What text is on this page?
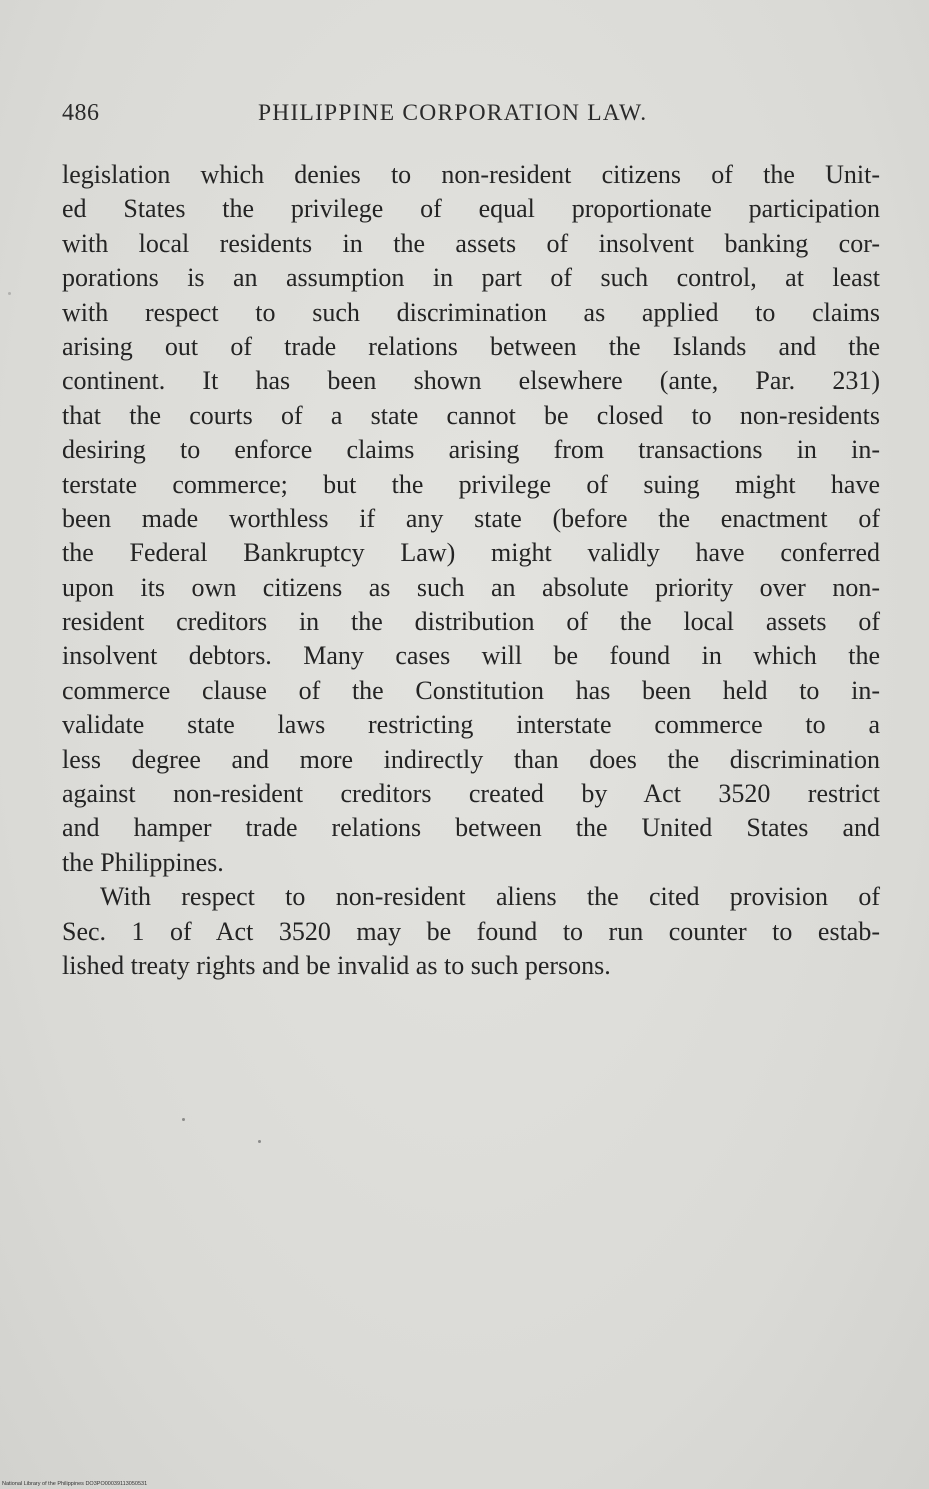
486	PHILIPPINE CORPORATION LAW.

legislation which denies to non-resident citizens of the Unit-
ed States the privilege of equal proportionate participation
with local residents in the assets of insolvent banking cor-
porations is an assumption in part of such control, at least
with respect to such discrimination as applied to claims
arising out of trade relations between the Islands and the
continent. It has been shown elsewhere (ante, Par. 231)
that the courts of a state cannot be closed to non-residents
desiring to enforce claims arising from transactions in in-
terstate commerce; but the privilege of suing might have
been made worthless if any state (before the enactment of
the Federal Bankruptcy Law) might validly have conferred
upon its own citizens as such an absolute priority over non-
resident creditors in the distribution of the local assets of
insolvent debtors. Many cases will be found in which the
commerce clause of the Constitution has been held to in-
validate state laws restricting interstate commerce to a
less degree and more indirectly than does the discrimination
against non-resident creditors created by Act 3520 restrict
and hamper trade relations between the United States and
the Philippines.

With respect to non-resident aliens the cited provision of
Sec. 1 of Act 3520 may be found to run counter to estab-
lished treaty rights and be invalid as to such persons.

National Library of the Philippines DO3PO00039113050531
